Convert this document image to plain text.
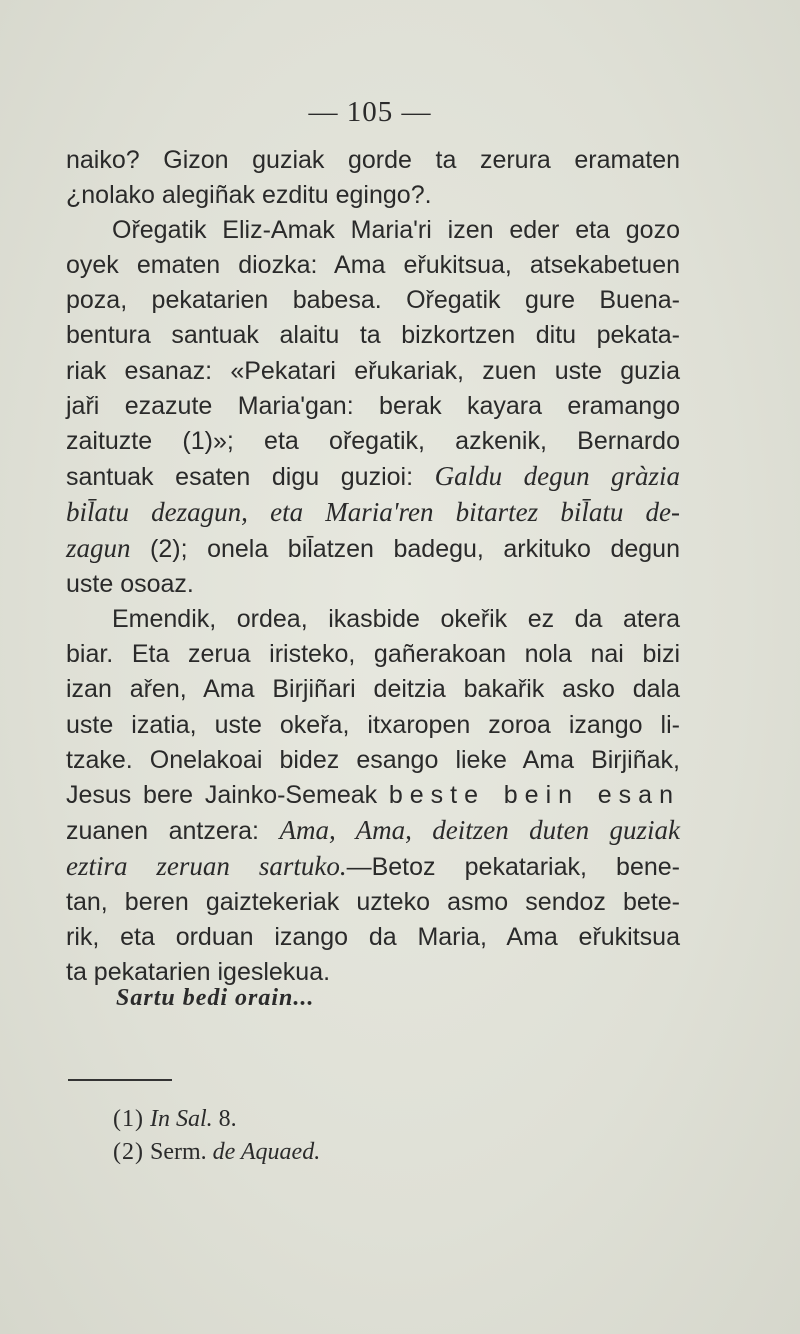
— 105 —

naiko? Gizon guziak gorde ta zerura eramaten
¿nolako alegiñak ezditu egingo?.

Ořegatik Eliz-Amak Maria'ri izen eder eta gozo
oyek ematen diozka: Ama eřukitsua, atsekabetuen
poza, pekatarien babesa. Ořegatik gure Buena-
bentura santuak alaitu ta bizkortzen ditu pekata-
riak esanaz: «Pekatari eřukariak, zuen uste guzia
jaři ezazute Maria'gan: berak kayara eramango
zaituzte (1)»; eta ořegatik, azkenik, Bernardo
santuak esaten digu guzioi: Galdu degun gràzia
bil̄atu dezagun, eta Maria'ren bitartez bil̄atu de-
zagun (2); onela bil̄atzen badegu, arkituko degun
uste osoaz.

Emendik, ordea, ikasbide okeřik ez da atera
biar. Eta zerua iristeko, gañerakoan nola nai bizi
izan ařen, Ama Birjiñari deitzia bakařik asko dala
uste izatia, uste okeřa, itxaropen zoroa izango li-
tzake. Onelakoai bidez esango lieke Ama Birjiñak,
Jesus bere Jainko-Semeak beste bein esan
zuanen antzera: Ama, Ama, deitzen duten guziak
eztira zeruan sartuko.—Betoz pekatariak, bene-
tan, beren gaiztekeriak uzteko asmo sendoz bete-
rik, eta orduan izango da Maria, Ama eřukitsua
ta pekatarien igeslekua.

Sartu bedi orain...
(1) In Sal. 8.
(2) Serm. de Aquaed.
